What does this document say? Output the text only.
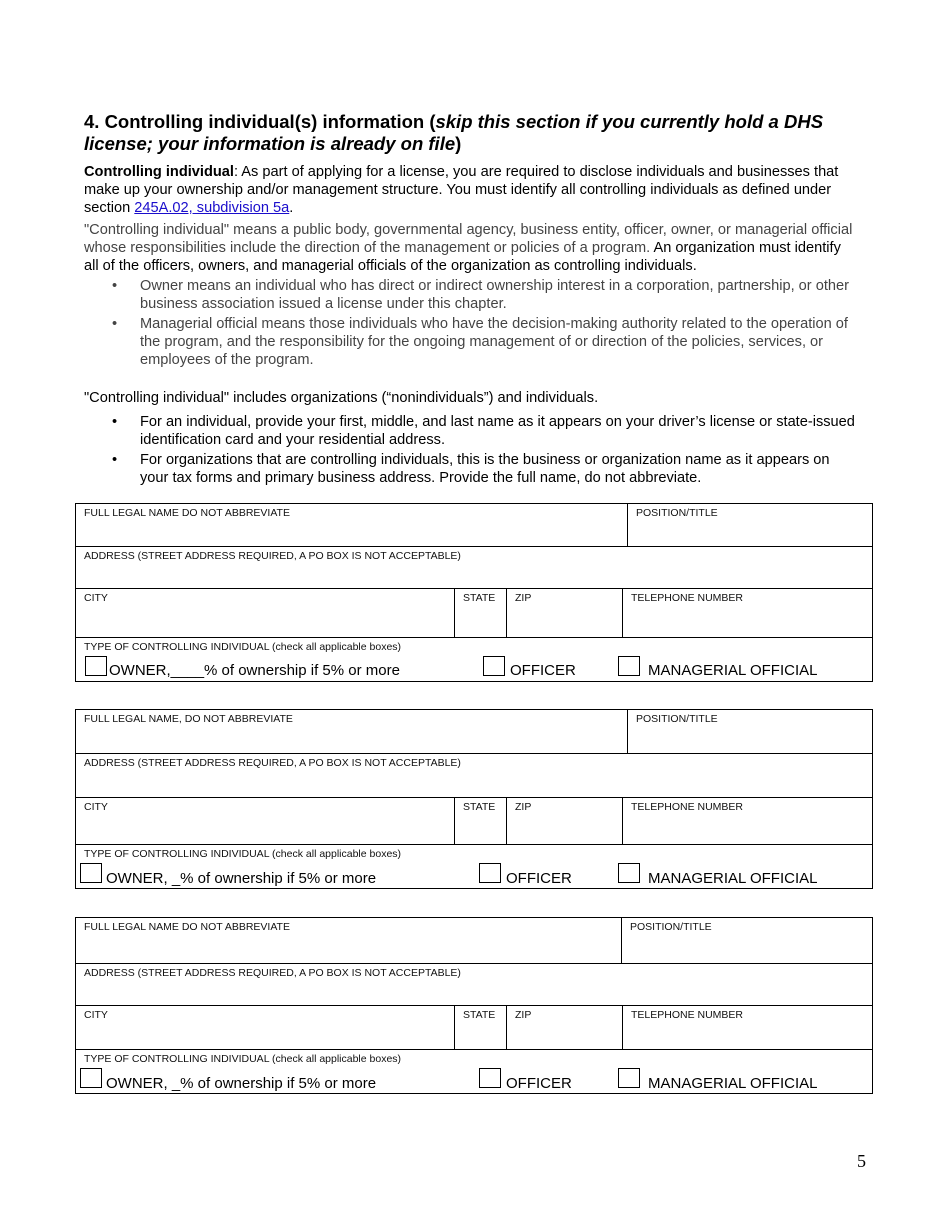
4. Controlling individual(s) information (skip this section if you currently hold a DHS license; your information is already on file)
Controlling individual: As part of applying for a license, you are required to disclose individuals and businesses that make up your ownership and/or management structure. You must identify all controlling individuals as defined under section 245A.02, subdivision 5a.
"Controlling individual" means a public body, governmental agency, business entity, officer, owner, or managerial official whose responsibilities include the direction of the management or policies of a program. An organization must identify all of the officers, owners, and managerial officials of the organization as controlling individuals.
• Owner means an individual who has direct or indirect ownership interest in a corporation, partnership, or other business association issued a license under this chapter.
• Managerial official means those individuals who have the decision-making authority related to the operation of the program, and the responsibility for the ongoing management of or direction of the policies, services, or employees of the program.
"Controlling individual" includes organizations (“nonindividuals”) and individuals.
• For an individual, provide your first, middle, and last name as it appears on your driver’s license or state-issued identification card and your residential address.
• For organizations that are controlling individuals, this is the business or organization name as it appears on your tax forms and primary business address. Provide the full name, do not abbreviate.
FULL LEGAL NAME DO NOT ABBREVIATE	POSITION/TITLE
ADDRESS (STREET ADDRESS REQUIRED, A PO BOX IS NOT ACCEPTABLE)
CITY	STATE	ZIP	TELEPHONE NUMBER
TYPE OF CONTROLLING INDIVIDUAL (check all applicable boxes)
OWNER,____% of ownership if 5% or more	OFFICER	MANAGERIAL OFFICIAL
FULL LEGAL NAME, DO NOT ABBREVIATE	POSITION/TITLE
ADDRESS (STREET ADDRESS REQUIRED, A PO BOX IS NOT ACCEPTABLE)
CITY	STATE	ZIP	TELEPHONE NUMBER
TYPE OF CONTROLLING INDIVIDUAL (check all applicable boxes)
OWNER, _% of ownership if 5% or more	OFFICER	MANAGERIAL OFFICIAL
FULL LEGAL NAME DO NOT ABBREVIATE	POSITION/TITLE
ADDRESS (STREET ADDRESS REQUIRED, A PO BOX IS NOT ACCEPTABLE)
CITY	STATE	ZIP	TELEPHONE NUMBER
TYPE OF CONTROLLING INDIVIDUAL (check all applicable boxes)
OWNER, _% of ownership if 5% or more	OFFICER	MANAGERIAL OFFICIAL
5
